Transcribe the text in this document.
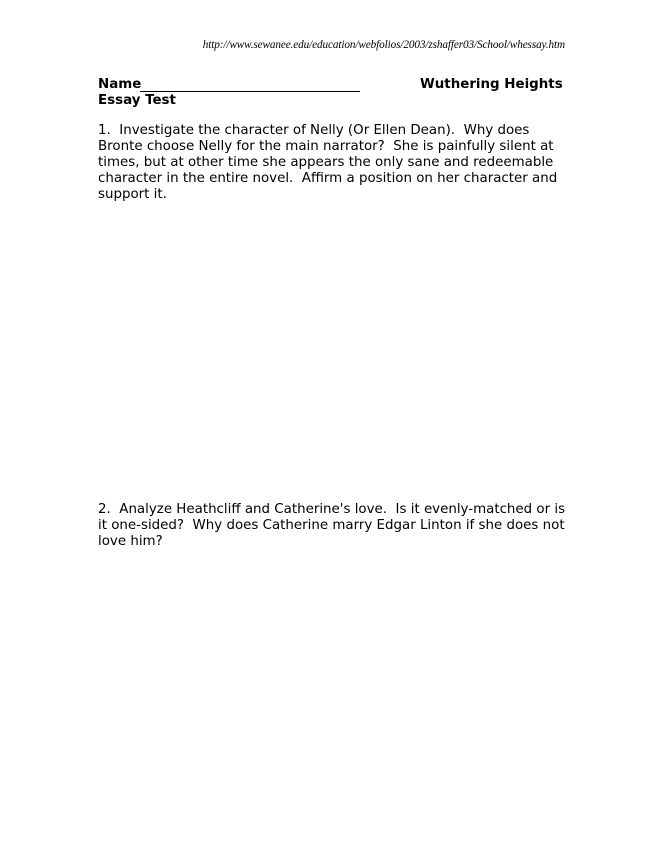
http://www.sewanee.edu/education/webfolios/2003/zshaffer03/School/whessay.htm
Name	Wuthering Heights
Essay Test
1.  Investigate the character of Nelly (Or Ellen Dean).  Why does Bronte choose Nelly for the main narrator?  She is painfully silent at times, but at other time she appears the only sane and redeemable character in the entire novel.  Affirm a position on her character and support it.
2.  Analyze Heathcliff and Catherine's love.  Is it evenly-matched or is it one-sided?  Why does Catherine marry Edgar Linton if she does not love him?
